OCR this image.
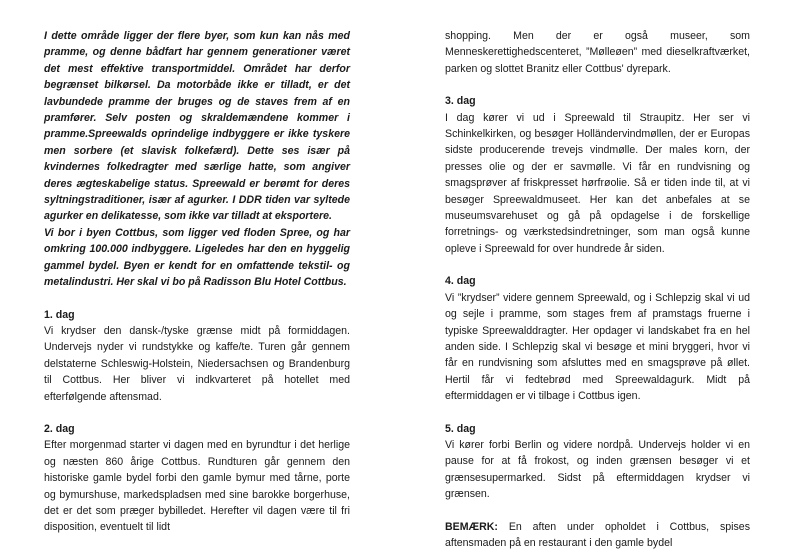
I dette område ligger der flere byer, som kun kan nås med pramme, og denne bådfart har gennem generationer været det mest effektive transportmiddel. Området har derfor begrænset bilkørsel. Da motorbåde ikke er tilladt, er det lavbundede pramme der bruges og de staves frem af en pramfører. Selv posten og skraldemændene kommer i pramme.Spreewalds oprindelige indbyggere er ikke tyskere men sorbere (et slavisk folkefærd). Dette ses især på kvindernes folkedragter med særlige hatte, som angiver deres ægteskabelige status. Spreewald er berømt for deres syltningstraditioner, især af agurker. I DDR tiden var syltede agurker en delikatesse, som ikke var tilladt at eksportere.

Vi bor i byen Cottbus, som ligger ved floden Spree, og har omkring 100.000 indbyggere. Ligeledes har den en hyggelig gammel bydel. Byen er kendt for en omfattende tekstil- og metalindustri. Her skal vi bo på Radisson Blu Hotel Cottbus.

1. dag

Vi krydser den dansk-/tyske grænse midt på formiddagen. Undervejs nyder vi rundstykke og kaffe/te. Turen går gennem delstaterne Schleswig-Holstein, Niedersachsen og Brandenburg til Cottbus. Her bliver vi indkvarteret på hotellet med efterfølgende aftensmad.

2. dag

Efter morgenmad starter vi dagen med en byrundtur i det herlige og næsten 860 årige Cottbus. Rundturen går gennem den historiske gamle bydel forbi den gamle bymur med tårne, porte og bymurshuse, markedspladsen med sine barokke borgerhuse, det er det som præger bybilledet. Herefter vil dagen være til fri disposition, eventuelt til lidt

shopping. Men der er også museer, som Menneskerettighedscenteret, ”Mølleøen” med dieselkraftværket, parken og slottet Branitz eller Cottbus' dyrepark.

3. dag

I dag kører vi ud i Spreewald til Straupitz. Her ser vi Schinkelkirken, og besøger Holländervindmøllen, der er Europas sidste producerende trevejs vindmølle. Der males korn, der presses olie og der er savmølle. Vi får en rundvisning og smagsprøver af friskpresset hørfrøolie. Så er tiden inde til, at vi besøger Spreewaldmuseet. Her kan det anbefales at se museumsvarehuset og gå på opdagelse i de forskellige forretnings- og værkstedsindretninger, som man også kunne opleve i Spreewald for over hundrede år siden.

4. dag

Vi ”krydser” videre gennem Spreewald, og i Schlepzig skal vi ud og sejle i pramme, som stages frem af pramstags fruerne i typiske Spreewalddragter. Her opdager vi landskabet fra en hel anden side. I Schlepzig skal vi besøge et mini bryggeri, hvor vi får en rundvisning som afsluttes med en smagsprøve på øllet. Hertil får vi fedtebrød med Spreewaldagurk. Midt på eftermiddagen er vi tilbage i Cottbus igen.

5. dag

Vi kører forbi Berlin og videre nordpå. Undervejs holder vi en pause for at få frokost, og inden grænsen besøger vi et grænsesupermarked. Sidst på eftermiddagen krydser vi grænsen.

BEMÆRK: En aften under opholdet i Cottbus, spises aftensmaden på en restaurant i den gamle bydel
